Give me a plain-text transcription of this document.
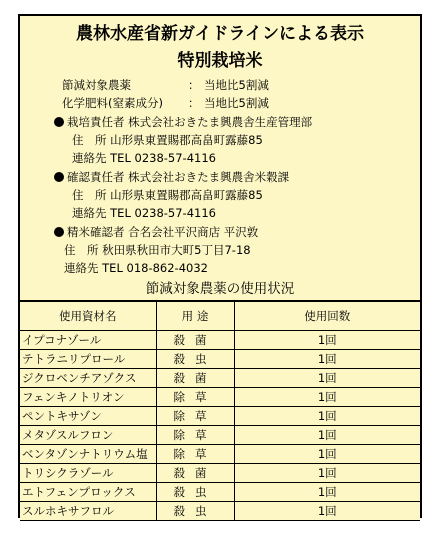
農林水産省新ガイドラインによる表示
特別栽培米
節減対象農薬	： 当地比5割減
化学肥料(窒素成分) ： 当地比5割減
栽培責任者 株式会社おきたま興農舎生産管理部
住　所 山形県東置賜郡高畠町露藤85
連絡先 TEL 0238-57-4116
確認責任者 株式会社おきたま興農舎米穀課
住　所 山形県東置賜郡高畠町露藤85
連絡先 TEL 0238-57-4116
精米確認者 合名会社平沢商店 平沢敦
住　所 秋田県秋田市大町5丁目7-18
連絡先 TEL 018-862-4032
節減対象農薬の使用状況
使用資材名	用 途	使用回数
イプコナゾール	殺菌	1回
テトラニリプロール	殺虫	1回
ジクロベンチアゾクス	殺菌	1回
フェンキノトリオン	除草	1回
ペントキサゾン	除草	1回
メタゾスルフロン	除草	1回
ベンタゾンナトリウム塩	除草	1回
トリシクラゾール	殺菌	1回
エトフェンプロックス	殺虫	1回
スルホキサフロル	殺虫	1回
